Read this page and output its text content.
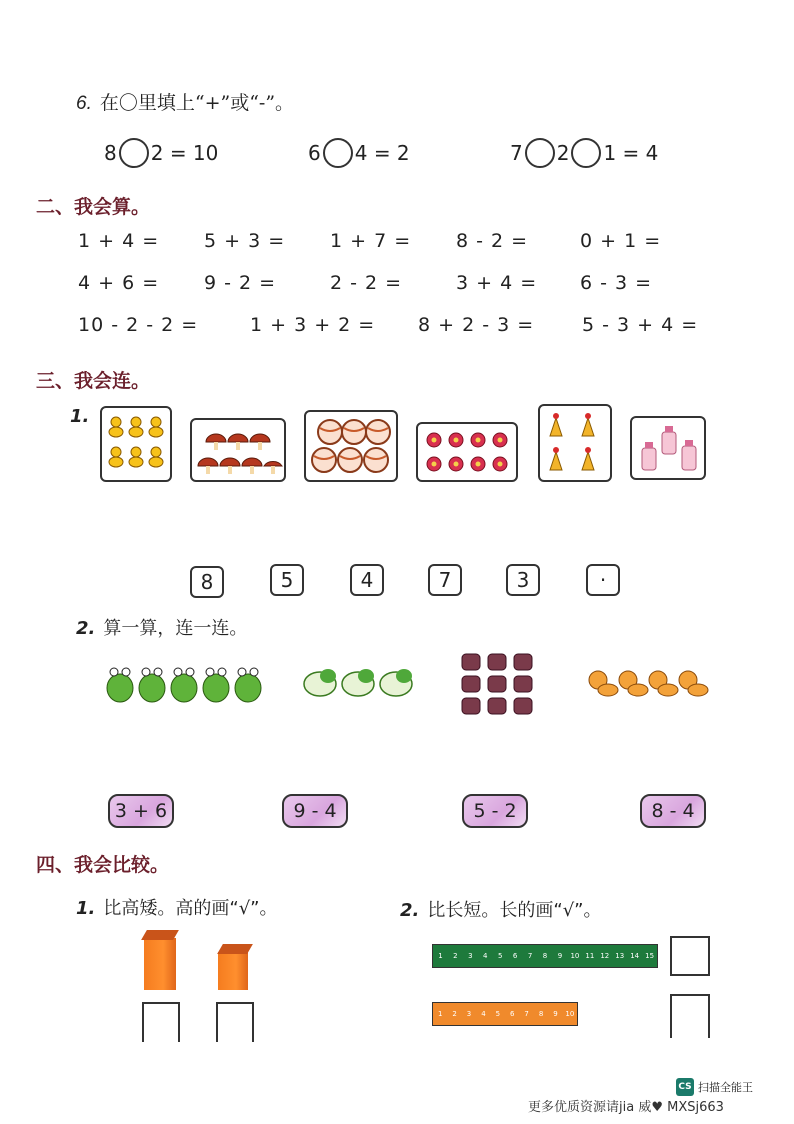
6. 在〇里填上“+”或“-”。
8 2 = 10	6 4 = 2	7 2 1 = 4
二、我会算。
1 + 4 = 5 + 3 = 1 + 7 = 8 - 2 =	0 + 1 =
4 + 6 = 9 - 2 =	2 - 2 =	3 + 4 = 6 - 3 =
10 - 2 - 2 =	1 + 3 + 2 = 8 + 2 - 3 =	5 - 3 + 4 =
三、我会连。
1.
8	5	4	7	3	·
2. 算一算，连一连。
3 + 6	9 - 4	5 - 2	8 - 4
四、我会比较。
1. 比高矮。高的画“√”。	2. 比长短。长的画“√”。
1	2	3	4	5	6	7	8	9	10 11 12 13 14 15
1	2	3	4	5	6	7	8	9	10
CS 扫描全能王
更多优质资源请jia 威♥ MXSj663
